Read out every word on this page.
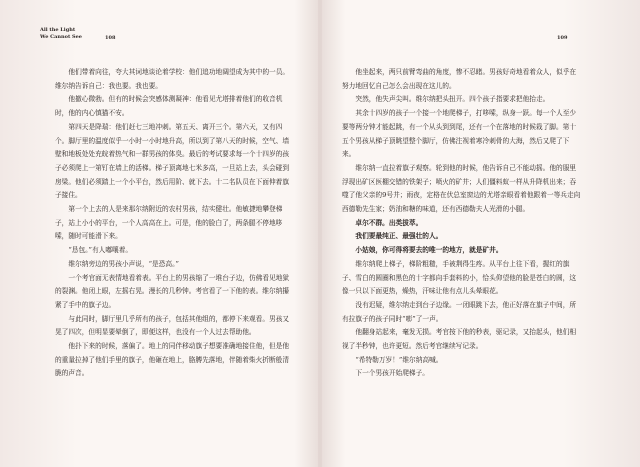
All the Light
We Cannot See	108

他们带着向往，夸大其词地谈论着学校：他们追功地阔望成为其中的一员。维尔纳告诉自己：我也要。我也要。

他撤心微勃。但有的时候会突感体测凝神：他看见尤塔排着他们的收音机时，他的内心慎猫不安。

第四天是降瑞：他们赶七三地冲刺。第五天、离开三个。第六天，又有四个。脚厅里的温度似乎一小时一小时地升高，所以到了第八天的时候，空气、墙壁和地板处处充皖着热气和一群男孩的体臭。最后的考试要求每一个十四岁的孩子必须爬上一第钉在墙上的活梯。梯子顶离地七米多高，一旦站上去，头会碰到房梁。他们必须踏上一个小平台，然后用阶、就下去。十二名队员在下面伸着旗子接住。

第一个上去的人是来那尔纳附近的农村男孩，结实健壮。他敏捷地攀登梯子，站上小小的平台，一个人高高在上。可是，他的脸白了，两条腿不停地哆嗦，随时可能滑下来。

“恳包。”有人嘟嚷着。

维尔纳旁边的男孩小声说，“是恐高。”

一个考官面无表情地看着表。平台上的男孩缩了一堆台子边，仿佛看见地狱的裂渊。他闭上眼，左摇右晃。漫长的几秒钟。考官看了一下他的表。维尔纳攥紧了手中的旗子边。

与此同时，脚厅里几乎所有的孩子，包括其他组的，都停下来观看。男孩又晃了四次，但明显要晕倒了，即便这样，也没有一个人过去帮助他。

他扑下来的时候，落偏了。地上的同伴移动旗子想要准确地接住他，但是他的重量拉掉了他们手里的旗子，他砸在地上，胳膊先落地，伴随着柴火折断般清脆的声音。

109

他坐起来，两只前臂弯曲的角度，惨不忍睹。男孩好奇地看着众人，似乎在努力地回忆自己怎么会出现在这儿的。

突然，他失声尖叫。维尔纳把头扭开。四个孩子指要求把他抬走。

其余十四岁的孩子一个接一个地爬梯子，打哆嗦，纵身一跃。每一个人至少要等两分钟才能起跳，有一个从头到到尾，还有一个在落地的时候栽了脚。第十五个男孩从梯子顶眺望整个脚厅，仿佛注视着寒冷刺骨的大海，然后又爬了下来。

维尔纳一直拉着旗子观察。轮到他的时候，他告诉自己不能动摇。他的服里浮现出矿区医棚交错的铁架子；喷火的矿井；人们僵料蚁一样从升降机出来；吞噬了他父亲的9号井；雨夜，定格在伏总室窗边的尤塔亲眼看着他跟着一等兵走向西德勒先生家；奶油和糖的味道，还有西德勒夫人光滑的小腿。

卓尔不群。出类拔萃。

我们要最纯正、最强壮的人。

小姑娘，你可得将要去的唯一的地方，就是矿井。

维尔纳爬上梯子，梯阶粗糙，手被荆得生疼。从平台上往下看，握红的旗子、雪白的圆圈和黑色的十字都向手套料的小，恰头仰望他的脸是苍白的圆，这像一只以下面更热，燥热，汗味让他有点儿头晕眼花。

没有迟疑，维尔纳走到台子边缘。一闭眼跳下去，他正好落在旗子中间，所有拉旗子的孩子同时“嘭”了一声。

他翻身站起来，毫发无损。考官按下他的秒表，驱记录，又抬起头，他们相视了半秒钟，也许更短。然后考官继续写记录。

“希特勒万岁！”维尔纳高喊。

下一个男孩开始爬梯子。
